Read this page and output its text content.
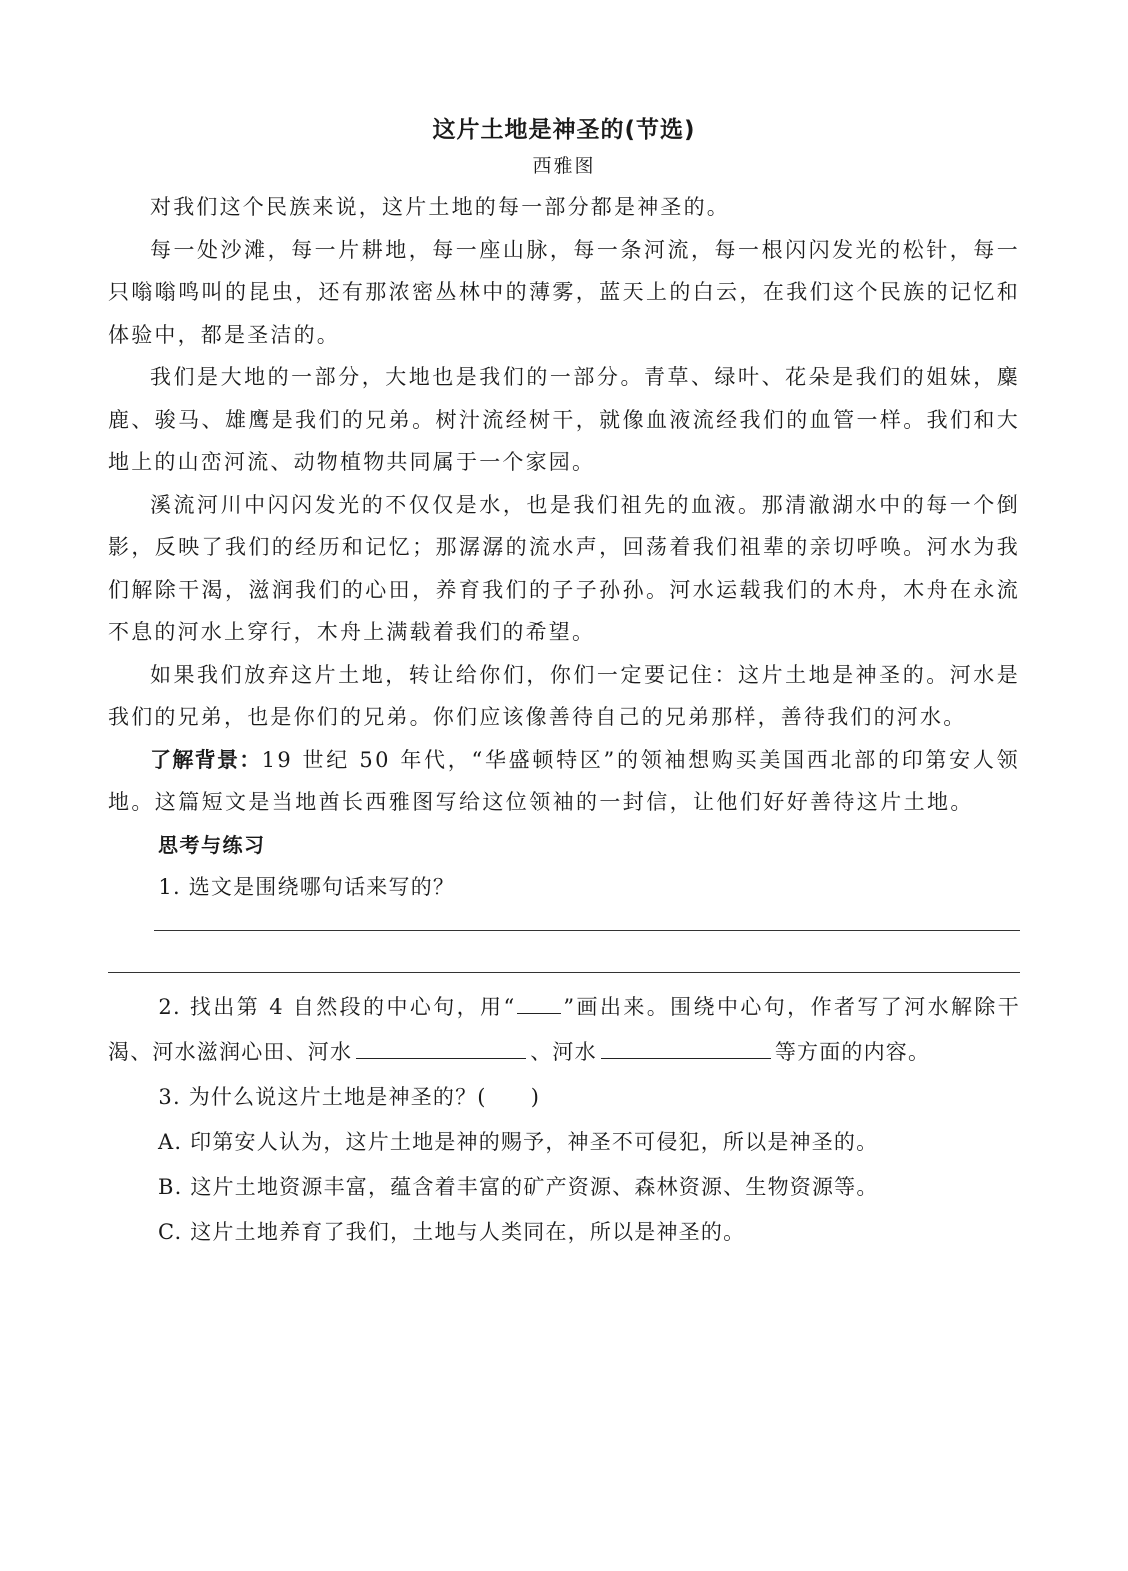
这片土地是神圣的(节选)

西雅图

对我们这个民族来说，这片土地的每一部分都是神圣的。

每一处沙滩，每一片耕地，每一座山脉，每一条河流，每一根闪闪发光的松针，每一只嗡嗡鸣叫的昆虫，还有那浓密丛林中的薄雾，蓝天上的白云，在我们这个民族的记忆和体验中，都是圣洁的。

我们是大地的一部分，大地也是我们的一部分。青草、绿叶、花朵是我们的姐妹，麋鹿、骏马、雄鹰是我们的兄弟。树汁流经树干，就像血液流经我们的血管一样。我们和大地上的山峦河流、动物植物共同属于一个家园。

溪流河川中闪闪发光的不仅仅是水，也是我们祖先的血液。那清澈湖水中的每一个倒影，反映了我们的经历和记忆；那潺潺的流水声，回荡着我们祖辈的亲切呼唤。河水为我们解除干渴，滋润我们的心田，养育我们的子子孙孙。河水运载我们的木舟，木舟在永流不息的河水上穿行，木舟上满载着我们的希望。

如果我们放弃这片土地，转让给你们，你们一定要记住：这片土地是神圣的。河水是我们的兄弟，也是你们的兄弟。你们应该像善待自己的兄弟那样，善待我们的河水。

了解背景：19 世纪 50 年代，“华盛顿特区”的领袖想购买美国西北部的印第安人领地。这篇短文是当地酋长西雅图写给这位领袖的一封信，让他们好好善待这片土地。

思考与练习

1. 选文是围绕哪句话来写的？

2. 找出第 4 自然段的中心句，用“ ”画出来。围绕中心句，作者写了河水解除干渴、河水滋润心田、河水	、河水	等方面的内容。

3. 为什么说这片土地是神圣的？( )

A. 印第安人认为，这片土地是神的赐予，神圣不可侵犯，所以是神圣的。

B. 这片土地资源丰富，蕴含着丰富的矿产资源、森林资源、生物资源等。

C. 这片土地养育了我们，土地与人类同在，所以是神圣的。
